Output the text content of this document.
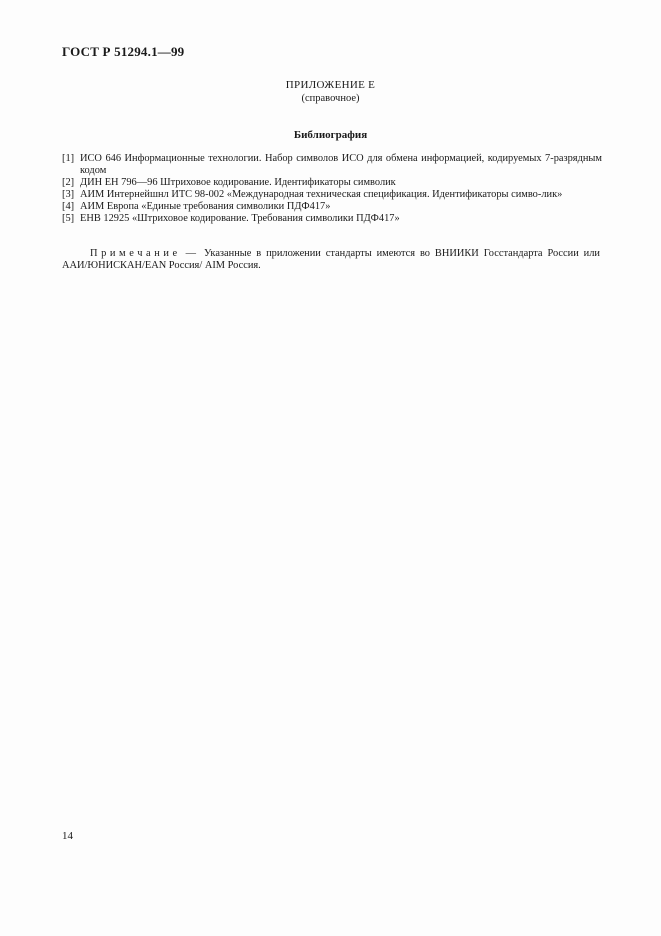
ГОСТ Р 51294.1—99
ПРИЛОЖЕНИЕ Е
(справочное)
Библиография
[1] ИСО 646 Информационные технологии. Набор символов ИСО для обмена информацией, кодируемых 7-разрядным кодом
[2] ДИН ЕН 796—96 Штриховое кодирование. Идентификаторы символик
[3] АИМ Интернейшнл ИТС 98-002 «Международная техническая спецификация. Идентификаторы симво-лик»
[4] АИМ Европа «Единые требования символики ПДФ417»
[5] ЕНВ 12925 «Штриховое кодирование. Требования символики ПДФ417»
Примечание — Указанные в приложении стандарты имеются во ВНИИКИ Госстандарта России или ААИ/ЮНИСКАН/EAN Россия/ AIM Россия.
14
